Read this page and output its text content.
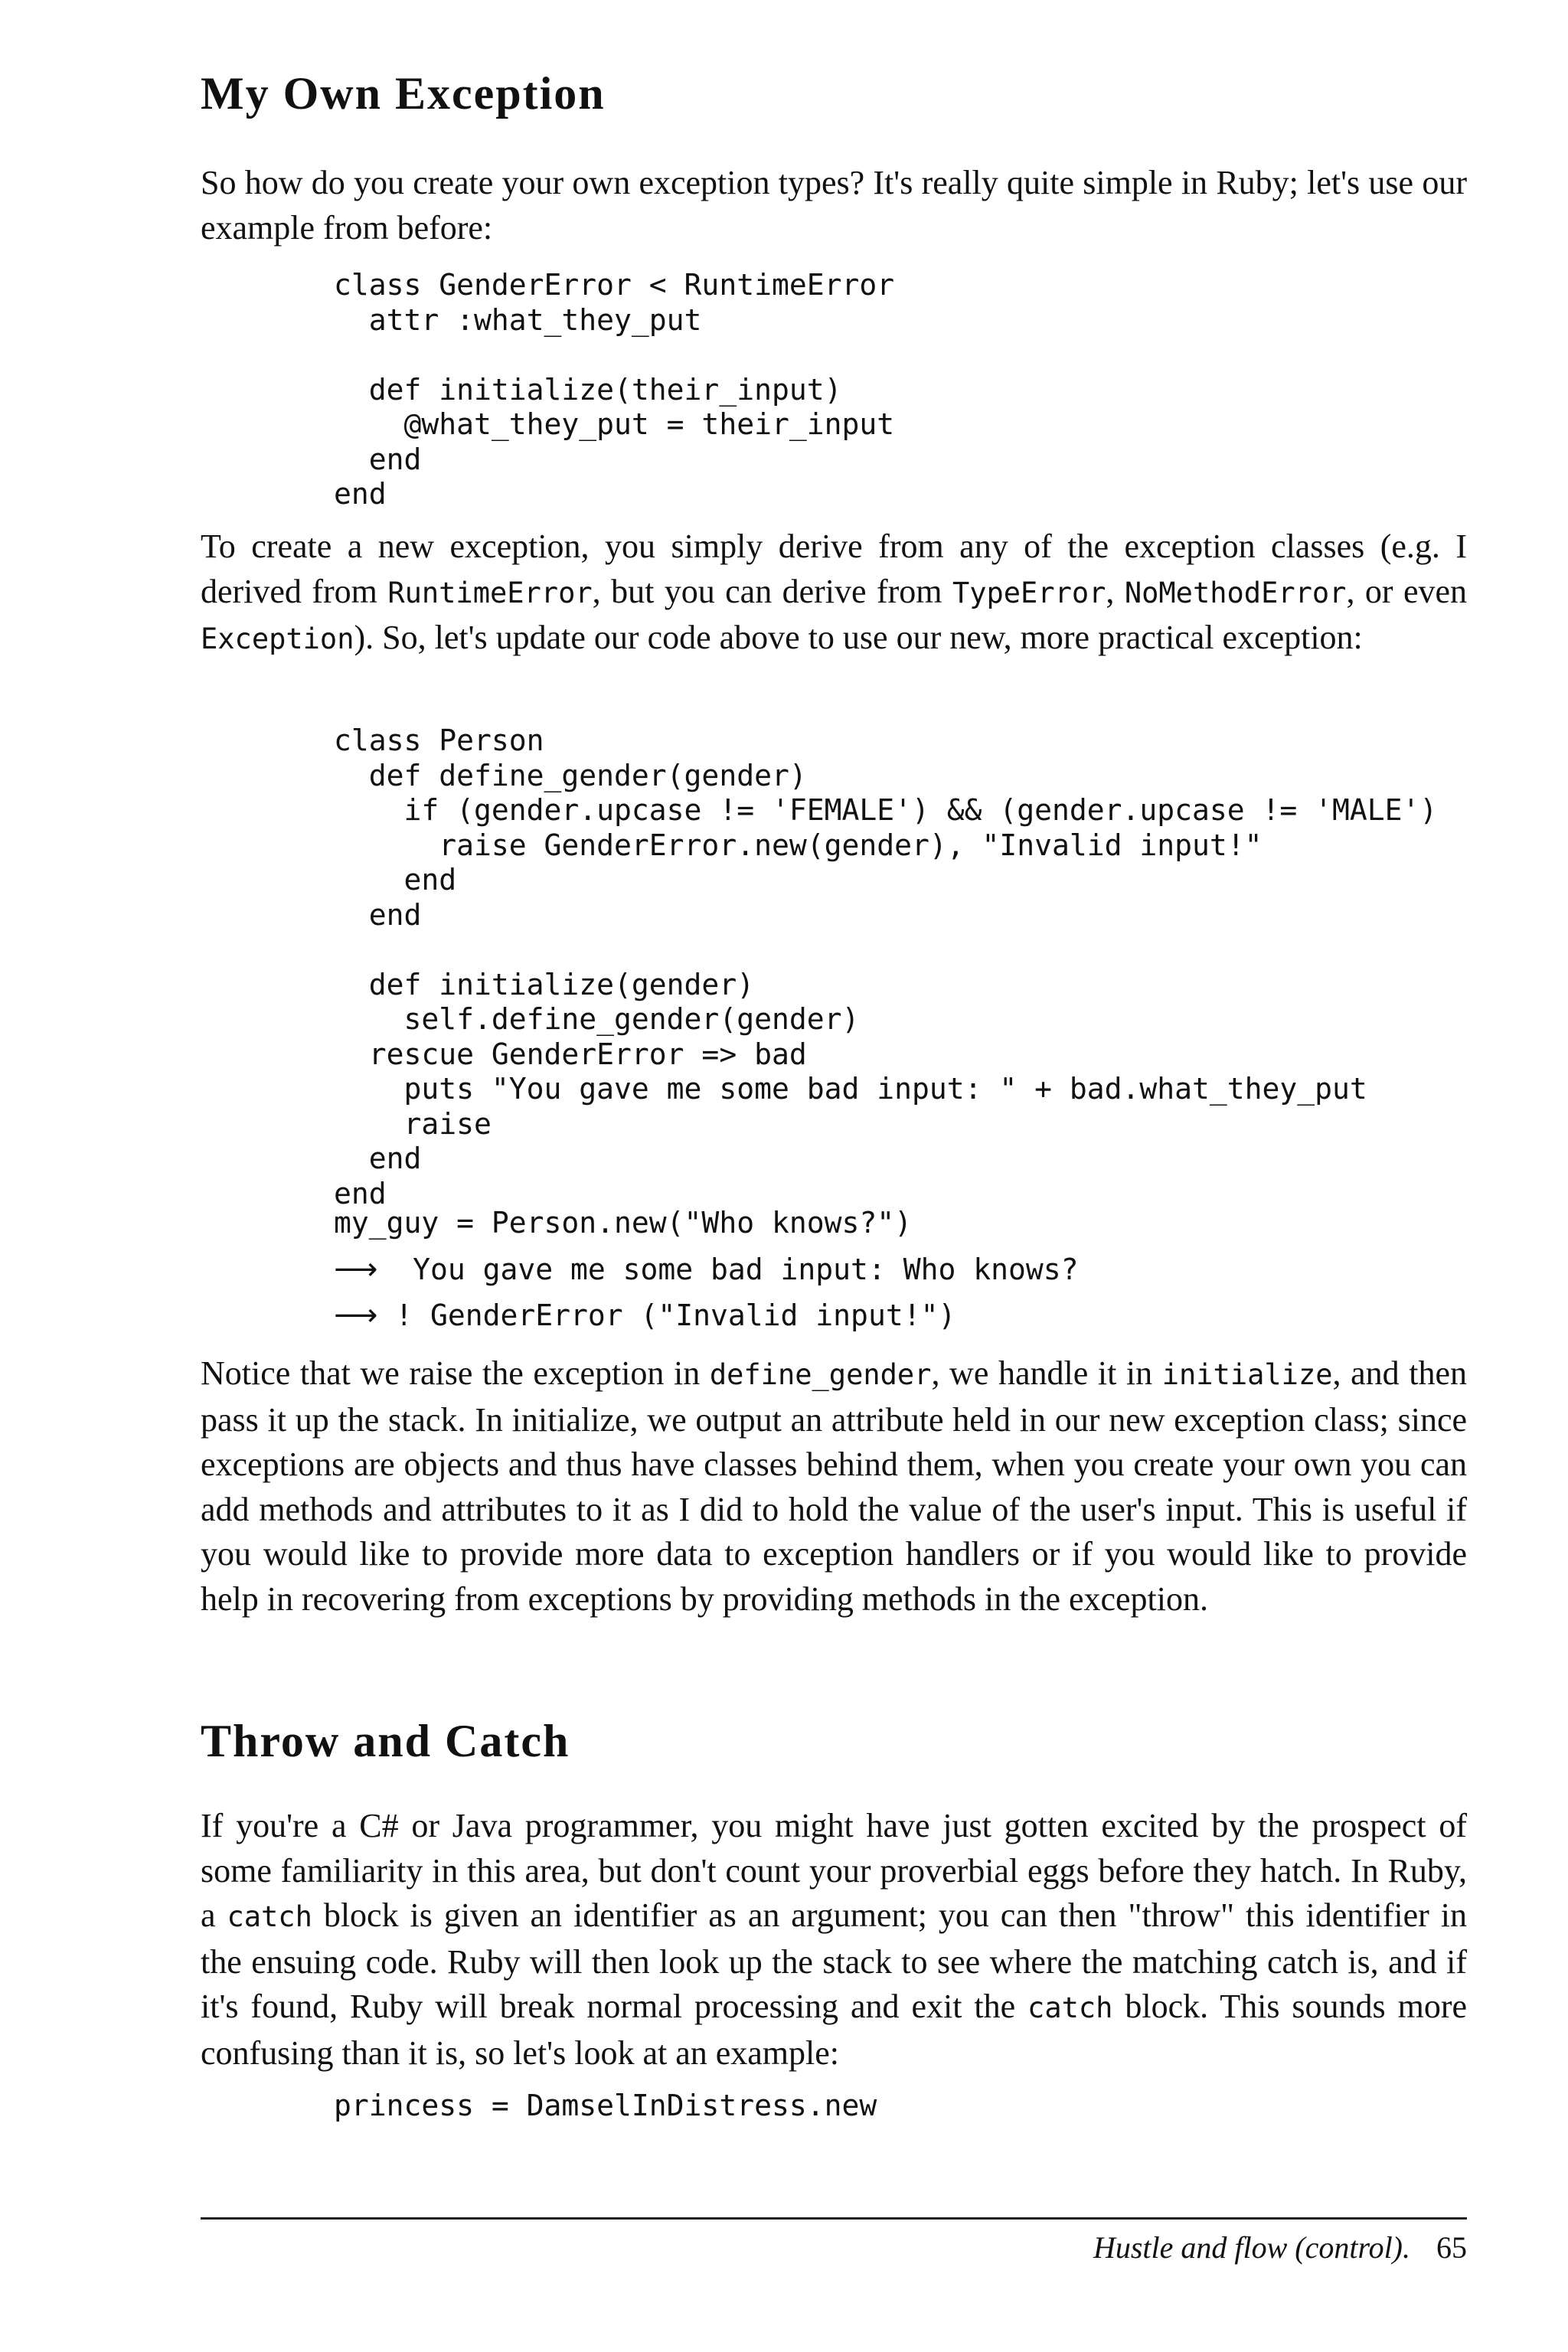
My Own Exception

So how do you create your own exception types? It's really quite simple in Ruby; let's use our example from before:

class GenderError < RuntimeError
attr :what_they_put

def initialize(their_input)
@what_they_put = their_input
end
end

To create a new exception, you simply derive from any of the exception classes (e.g. I derived from RuntimeError, but you can derive from TypeError, NoMethodError, or even Exception). So, let's update our code above to use our new, more practical exception:

class Person
def define_gender(gender)
if (gender.upcase != 'FEMALE') && (gender.upcase != 'MALE')
raise GenderError.new(gender), "Invalid input!"
end
end

def initialize(gender)
self.define_gender(gender)
rescue GenderError => bad
puts "You gave me some bad input: " + bad.what_they_put
raise
end
end
my_guy = Person.new("Who knows?")
⟶ You gave me some bad input: Who knows?
⟶ ! GenderError ("Invalid input!")

Notice that we raise the exception in define_gender, we handle it in initialize, and then pass it up the stack. In initialize, we output an attribute held in our new exception class; since exceptions are objects and thus have classes behind them, when you create your own you can add methods and attributes to it as I did to hold the value of the user's input. This is useful if you would like to provide more data to exception handlers or if you would like to provide help in recovering from exceptions by providing methods in the exception.

Throw and Catch

If you're a C# or Java programmer, you might have just gotten excited by the prospect of some familiarity in this area, but don't count your proverbial eggs before they hatch. In Ruby, a catch block is given an identifier as an argument; you can then "throw" this identifier in the ensuing code. Ruby will then look up the stack to see where the matching catch is, and if it's found, Ruby will break normal processing and exit the catch block. This sounds more confusing than it is, so let's look at an example:

princess = DamselInDistress.new
Hustle and flow (control). 65
